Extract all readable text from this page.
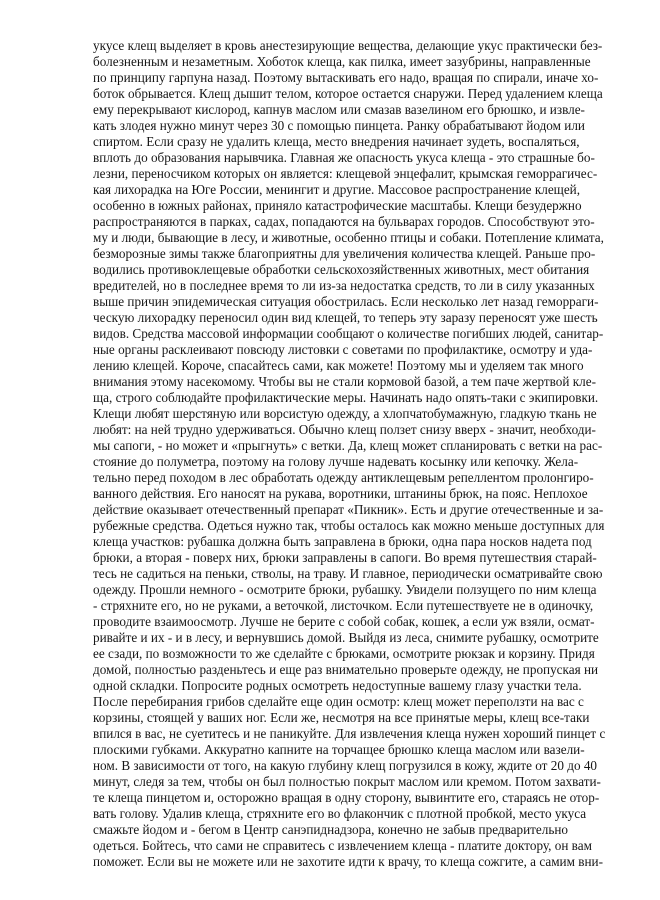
укусе клещ выделяет в кровь анестезирующие вещества, делающие укус практически без-
болезненным и незаметным. Хоботок клеща, как пилка, имеет зазубрины, направленные
по принципу гарпуна назад. Поэтому вытаскивать его надо, вращая по спирали, иначе хо-
боток обрывается. Клещ дышит телом, которое остается снаружи. Перед удалением клеща
ему перекрывают кислород, капнув маслом или смазав вазелином его брюшко, и извле-
кать злодея нужно минут через 30 с помощью пинцета. Ранку обрабатывают йодом или
спиртом. Если сразу не удалить клеща, место внедрения начинает зудеть, воспаляться,
вплоть до образования нарывчика. Главная же опасность укуса клеща - это страшные бо-
лезни, переносчиком которых он является: клещевой энцефалит, крымская геморрагичес-
кая лихорадка на Юге России, менингит и другие. Массовое распространение клещей,
особенно в южных районах, приняло катастрофические масштабы. Клещи безудержно
распространяются в парках, садах, попадаются на бульварах городов. Способствуют это-
му и люди, бывающие в лесу, и животные, особенно птицы и собаки. Потепление климата,
безморозные зимы также благоприятны для увеличения количества клещей. Раньше про-
водились противоклещевые обработки сельскохозяйственных животных, мест обитания
вредителей, но в последнее время то ли из-за недостатка средств, то ли в силу указанных
выше причин эпидемическая ситуация обострилась. Если несколько лет назад геморраги-
ческую лихорадку переносил один вид клещей, то теперь эту заразу переносят уже шесть
видов. Средства массовой информации сообщают о количестве погибших людей, санитар-
ные органы расклеивают повсюду листовки с советами по профилактике, осмотру и уда-
лению клещей. Короче, спасайтесь сами, как можете! Поэтому мы и уделяем так много
внимания этому насекомому. Чтобы вы не стали кормовой базой, а тем паче жертвой клe-
ща, строго соблюдайте профилактические меры. Начинать надо опять-таки с экипировки.
Клещи любят шерстяную или ворсистую одежду, а хлопчатобумажную, гладкую ткань не
любят: на ней трудно удерживаться. Обычно клещ ползет снизу вверх - значит, необходи-
мы сапоги, - но может и «прыгнуть» с ветки. Да, клещ может спланировать с ветки на рас-
стояние до полуметра, поэтому на голову лучше надевать косынку или кепочку. Жела-
тельно перед походом в лес обработать одежду антиклещевым репеллентом пролонгиро-
ванного действия. Его наносят на рукава, воротники, штанины брюк, на пояс. Неплохое
действие оказывает отечественный препарат «Пикник». Есть и другие отечественные и за-
рубежные средства. Одеться нужно так, чтобы осталось как можно меньше доступных для
клеща участков: рубашка должна быть заправлена в брюки, одна пара носков надета под
брюки, а вторая - поверх них, брюки заправлены в сапоги. Во время путешествия старай-
тесь не садиться на пеньки, стволы, на траву. И главное, периодически осматривайте свою
одежду. Прошли немного - осмотрите брюки, рубашку. Увидели ползущего по ним клеща
- стряхните его, но не руками, а веточкой, листочком. Если путешествуете не в одиночку,
проводите взаимоосмотр. Лучше не берите с собой собак, кошек, а если уж взяли, осмат-
ривайте и их - и в лесу, и вернувшись домой. Выйдя из леса, снимите рубашку, осмотрите
ее сзади, по возможности то же сделайте с брюками, осмотрите рюкзак и корзину. Придя
домой, полностью разденьтесь и еще раз внимательно проверьте одежду, не пропуская ни
одной складки. Попросите родных осмотреть недоступные вашему глазу участки тела.
После перебирания грибов сделайте еще один осмотр: клещ может переползти на вас с
корзины, стоящей у ваших ног. Если же, несмотря на все принятые меры, клещ все-таки
впился в вас, не суетитесь и не паникуйте. Для извлечения клеща нужен хороший пинцет с
плоскими губками. Аккуратно капните на торчащее брюшко клеща маслом или вазели-
ном. В зависимости от того, на какую глубину клещ погрузился в кожу, ждите от 20 до 40
минут, следя за тем, чтобы он был полностью покрыт маслом или кремом. Потом захвати-
те клеща пинцетом и, осторожно вращая в одну сторону, вывинтите его, стараясь не отор-
вать голову. Удалив клеща, стряхните его во флакончик с плотной пробкой, место укуса
смажьте йодом и - бегом в Центр санэпиднадзора, конечно не забыв предварительно
одеться. Бойтесь, что сами не справитесь с извлечением клеща - платите доктору, он вам
поможет. Если вы не можете или не захотите идти к врачу, то клеща сожгите, а самим вни-
